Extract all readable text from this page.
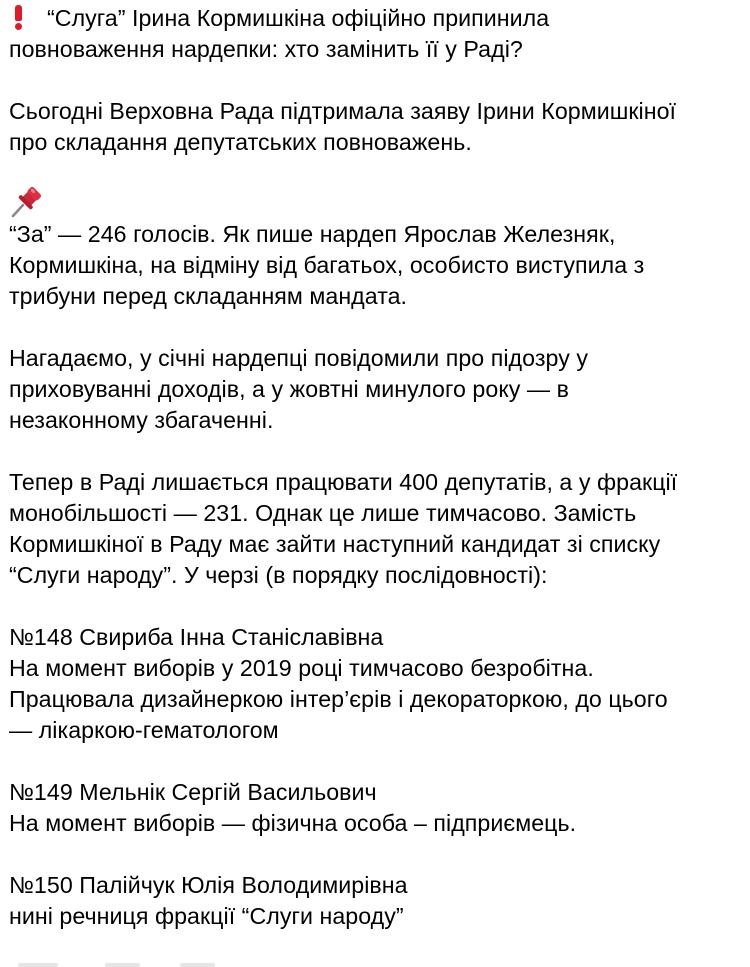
“Слуга” Ірина Кормишкіна офіційно припинила
повноваження нардепки: хто замінить її у Раді?
Сьогодні Верховна Рада підтримала заяву Ірини Кормишкіної
про складання депутатських повноважень.
“За” — 246 голосів. Як пише нардеп Ярослав Железняк,
Кормишкіна, на відміну від багатьох, особисто виступила з
трибуни перед складанням мандата.
Нагадаємо, у січні нардепці повідомили про підозру у
приховуванні доходів, а у жовтні минулого року — в
незаконному збагаченні.
Тепер в Раді лишається працювати 400 депутатів, а у фракції
монобільшості — 231. Однак це лише тимчасово. Замість
Кормишкіної в Раду має зайти наступний кандидат зі списку
“Слуги народу”. У черзі (в порядку послідовності):
№148 Свириба Інна Станіславівна
На момент виборів у 2019 році тимчасово безробітна.
Працювала дизайнеркою інтер’єрів і декораторкою, до цього
— лікаркою-гематологом
№149 Мельнік Сергій Васильович
На момент виборів — фізична особа – підприємець.
№150 Палійчук Юлія Володимирівна
нині речниця фракції “Слуги народу”
